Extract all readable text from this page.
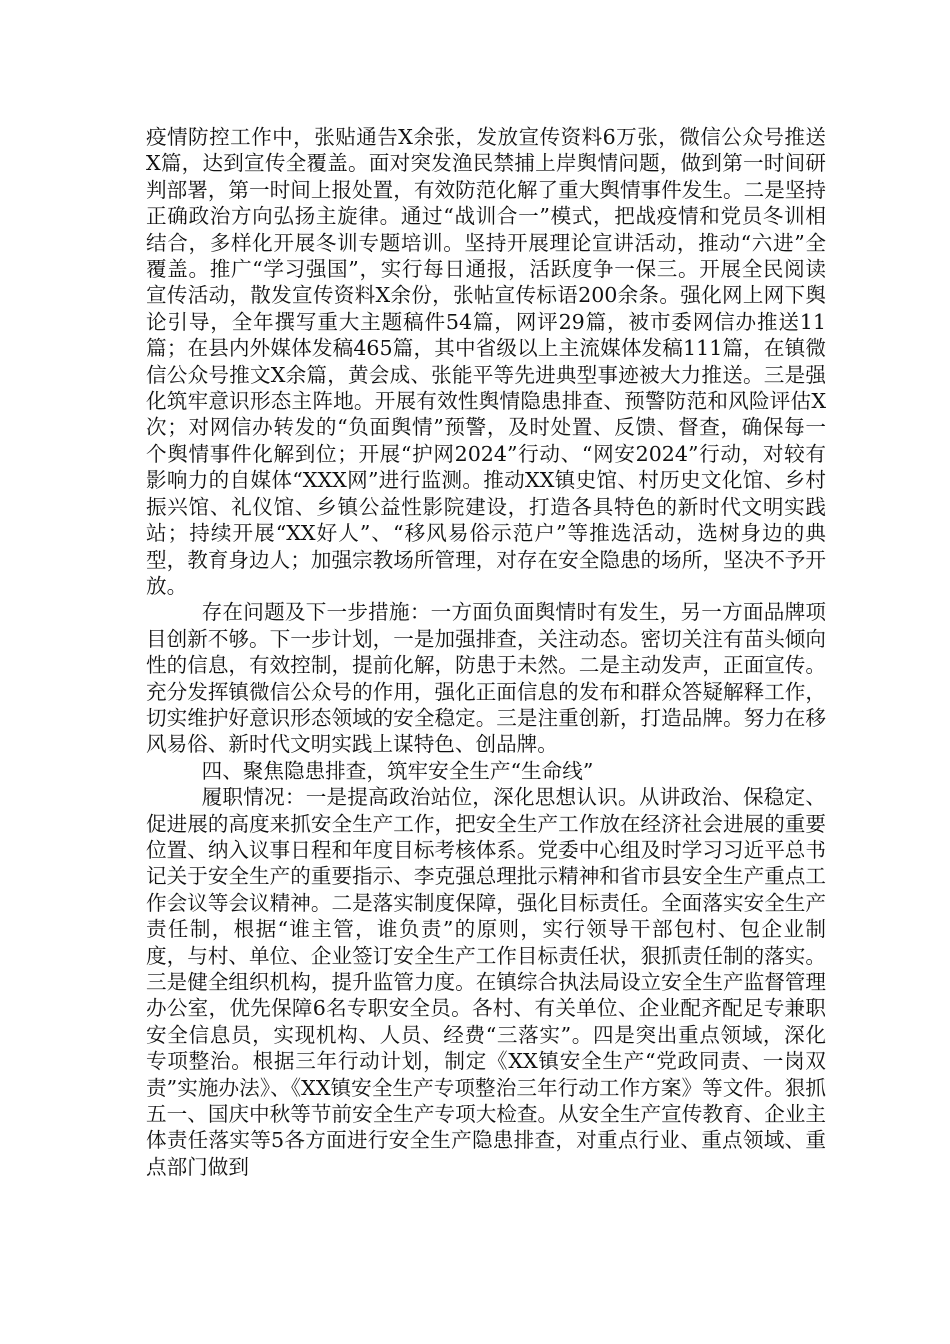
疫情防控工作中，张贴通告X余张，发放宣传资料6万张，微信公众号推送X篇，达到宣传全覆盖。面对突发渔民禁捕上岸舆情问题，做到第一时间研判部署，第一时间上报处置，有效防范化解了重大舆情事件发生。二是坚持正确政治方向弘扬主旋律。通过“战训合一”模式，把战疫情和党员冬训相结合，多样化开展冬训专题培训。坚持开展理论宣讲活动，推动“六进”全覆盖。推广“学习强国”，实行每日通报，活跃度争一保三。开展全民阅读宣传活动，散发宣传资料X余份，张帖宣传标语200余条。强化网上网下舆论引导，全年撰写重大主题稿件54篇，网评29篇，被市委网信办推送11篇；在县内外媒体发稿465篇，其中省级以上主流媒体发稿111篇，在镇微信公众号推文X余篇，黄会成、张能平等先进典型事迹被大力推送。三是强化筑牢意识形态主阵地。开展有效性舆情隐患排查、预警防范和风险评估X次；对网信办转发的“负面舆情”预警，及时处置、反馈、督查，确保每一个舆情事件化解到位；开展“护网2024”行动、“网安2024”行动，对较有影响力的自媒体“XXX网”进行监测。推动XX镇史馆、村历史文化馆、乡村振兴馆、礼仪馆、乡镇公益性影院建设，打造各具特色的新时代文明实践站；持续开展“XX好人”、“移风易俗示范户”等推选活动，选树身边的典型，教育身边人；加强宗教场所管理，对存在安全隐患的场所，坚决不予开放。

存在问题及下一步措施：一方面负面舆情时有发生，另一方面品牌项目创新不够。下一步计划，一是加强排查，关注动态。密切关注有苗头倾向性的信息，有效控制，提前化解，防患于未然。二是主动发声，正面宣传。充分发挥镇微信公众号的作用，强化正面信息的发布和群众答疑解释工作，切实维护好意识形态领域的安全稳定。三是注重创新，打造品牌。努力在移风易俗、新时代文明实践上谋特色、创品牌。

四、聚焦隐患排查，筑牢安全生产“生命线”

履职情况：一是提高政治站位，深化思想认识。从讲政治、保稳定、促进展的高度来抓安全生产工作，把安全生产工作放在经济社会进展的重要位置、纳入议事日程和年度目标考核体系。党委中心组及时学习习近平总书记关于安全生产的重要指示、李克强总理批示精神和省市县安全生产重点工作会议等会议精神。二是落实制度保障，强化目标责任。全面落实安全生产责任制，根据“谁主管，谁负责”的原则，实行领导干部包村、包企业制度，与村、单位、企业签订安全生产工作目标责任状，狠抓责任制的落实。三是健全组织机构，提升监管力度。在镇综合执法局设立安全生产监督管理办公室，优先保障6名专职安全员。各村、有关单位、企业配齐配足专兼职安全信息员，实现机构、人员、经费“三落实”。四是突出重点领域，深化专项整治。根据三年行动计划，制定《XX镇安全生产“党政同责、一岗双责”实施办法》、《XX镇安全生产专项整治三年行动工作方案》等文件。狠抓五一、国庆中秋等节前安全生产专项大检查。从安全生产宣传教育、企业主体责任落实等5各方面进行安全生产隐患排查，对重点行业、重点领域、重点部门做到
